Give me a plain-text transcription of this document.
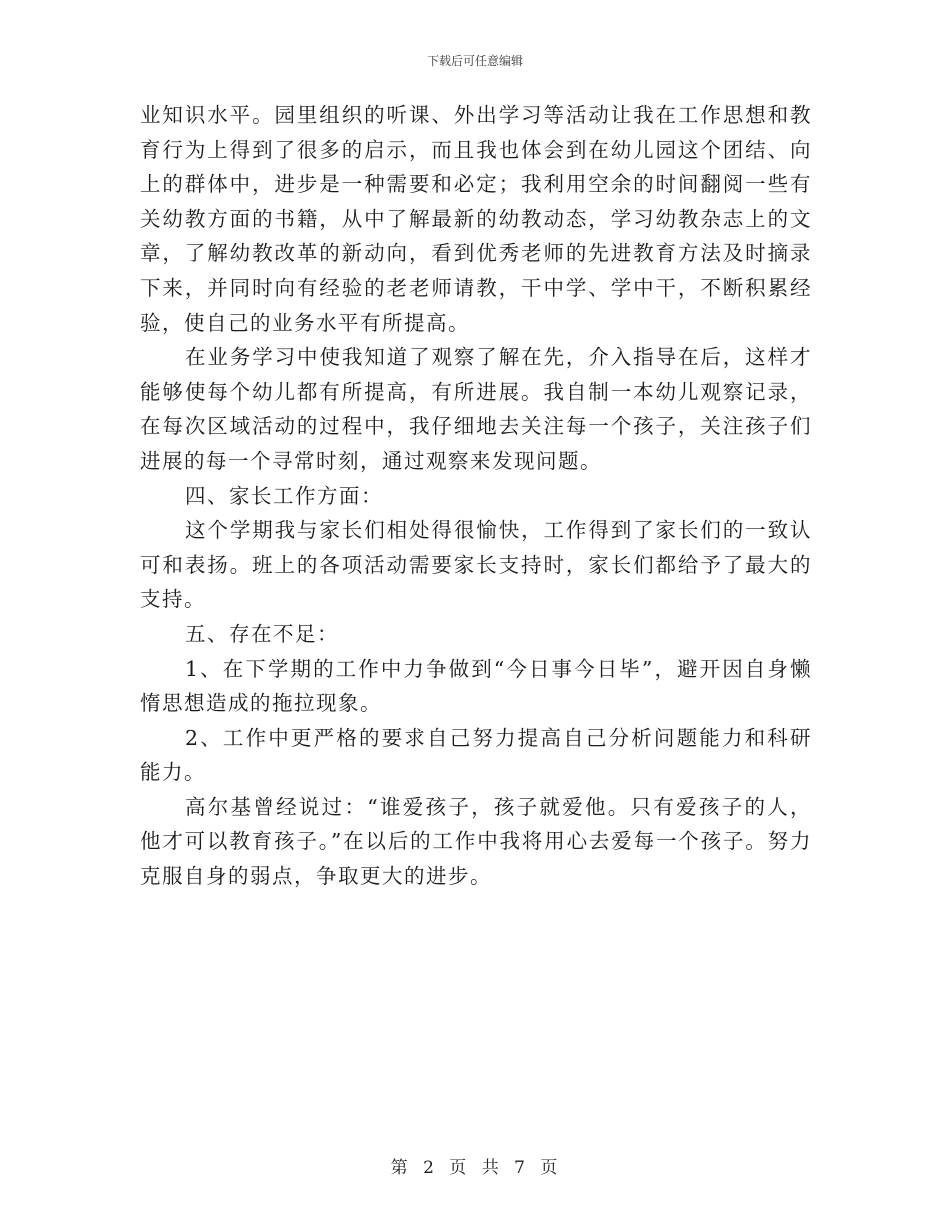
下载后可任意编辑

业知识水平。园里组织的听课、外出学习等活动让我在工作思想和教育行为上得到了很多的启示，而且我也体会到在幼儿园这个团结、向上的群体中，进步是一种需要和必定；我利用空余的时间翻阅一些有关幼教方面的书籍，从中了解最新的幼教动态，学习幼教杂志上的文章，了解幼教改革的新动向，看到优秀老师的先进教育方法及时摘录下来，并同时向有经验的老老师请教，干中学、学中干，不断积累经验，使自己的业务水平有所提高。

在业务学习中使我知道了观察了解在先，介入指导在后，这样才能够使每个幼儿都有所提高，有所进展。我自制一本幼儿观察记录，在每次区域活动的过程中，我仔细地去关注每一个孩子，关注孩子们进展的每一个寻常时刻，通过观察来发现问题。

四、家长工作方面：

这个学期我与家长们相处得很愉快，工作得到了家长们的一致认可和表扬。班上的各项活动需要家长支持时，家长们都给予了最大的支持。

五、存在不足：

1、在下学期的工作中力争做到“今日事今日毕”，避开因自身懒惰思想造成的拖拉现象。

2、工作中更严格的要求自己努力提高自己分析问题能力和科研能力。

高尔基曾经说过：“谁爱孩子，孩子就爱他。只有爱孩子的人，他才可以教育孩子。”在以后的工作中我将用心去爱每一个孩子。努力克服自身的弱点，争取更大的进步。

第 2 页 共 7 页
